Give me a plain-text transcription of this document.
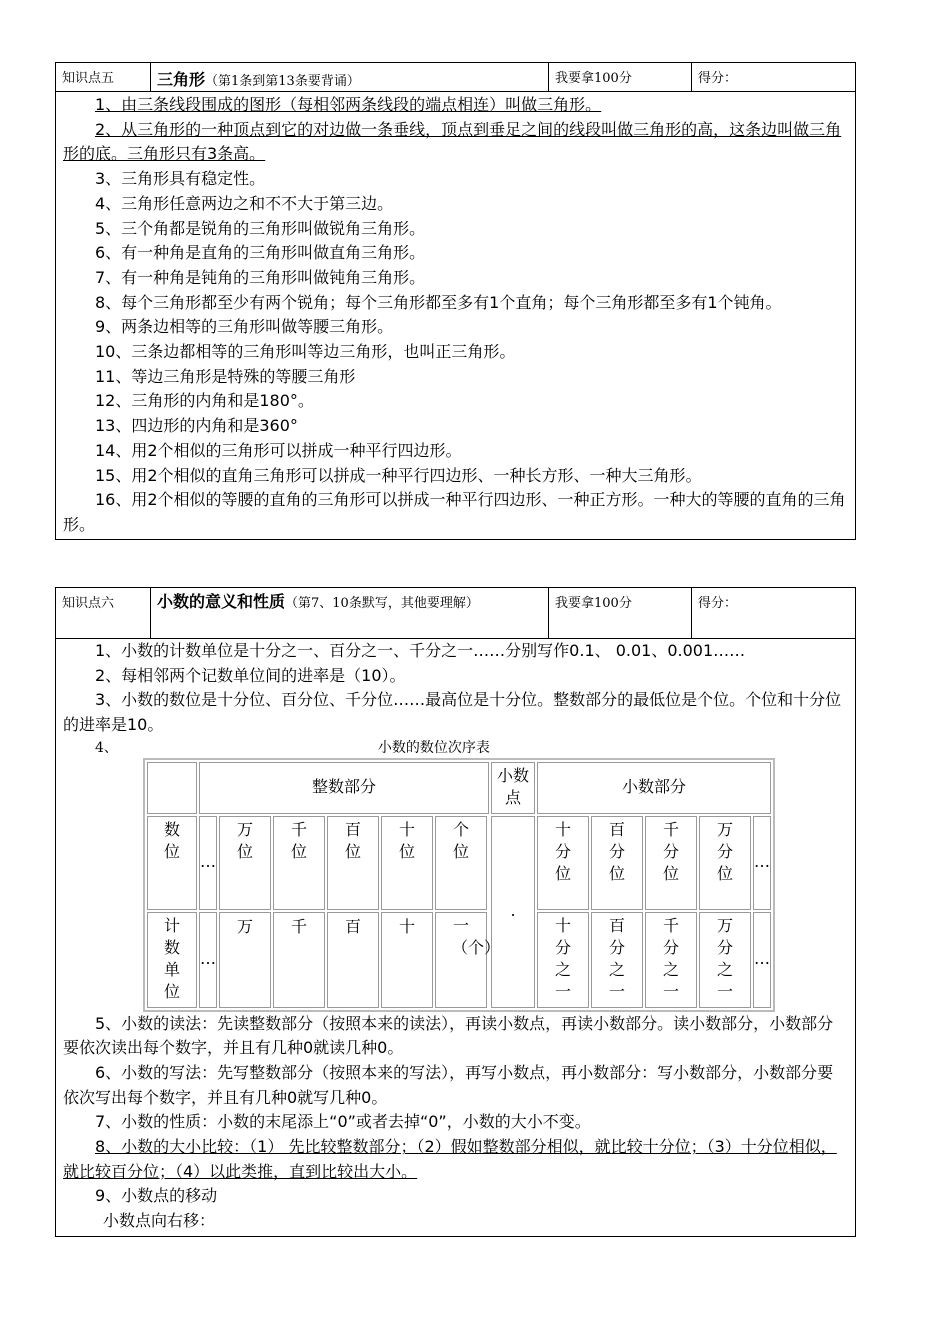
知识点五	三角形（第1条到第13条要背诵）	我要拿100分	得分：

1、由三条线段围成的图形（每相邻两条线段的端点相连）叫做三角形。

2、从三角形的一种顶点到它的对边做一条垂线，顶点到垂足之间的线段叫做三角形的高，这条边叫做三角形的底。三角形只有3条高。

3、三角形具有稳定性。

4、三角形任意两边之和不不大于第三边。

5、三个角都是锐角的三角形叫做锐角三角形。

6、有一种角是直角的三角形叫做直角三角形。

7、有一种角是钝角的三角形叫做钝角三角形。

8、每个三角形都至少有两个锐角；每个三角形都至多有1个直角；每个三角形都至多有1个钝角。

9、两条边相等的三角形叫做等腰三角形。

10、三条边都相等的三角形叫等边三角形，也叫正三角形。

11、等边三角形是特殊的等腰三角形

12、三角形的内角和是180°。

13、四边形的内角和是360°

14、用2个相似的三角形可以拼成一种平行四边形。

15、用2个相似的直角三角形可以拼成一种平行四边形、一种长方形、一种大三角形。

16、用2个相似的等腰的直角的三角形可以拼成一种平行四边形、一种正方形。一种大的等腰的直角的三角形。

知识点六	小数的意义和性质（第7、10条默写，其他要理解）	我要拿100分	得分：

1、小数的计数单位是十分之一、百分之一、千分之一……分别写作0.1、 0.01、0.001……

2、每相邻两个记数单位间的进率是（10）。

3、小数的数位是十分位、百分位、千分位……最高位是十分位。整数部分的最低位是个位。个位和十分位的进率是10。

4、	小数的数位次序表
	整数部分							小数点	小数部分				
数位	…	万位	千位	百位	十位	个位		.	十分位	百分位	千分位	万分位	…
计数单位	…	万	千	百	十	一（个）			十分之一	百分之一	千分之一	万分之一	…

5、小数的读法：先读整数部分（按照本来的读法），再读小数点，再读小数部分。读小数部分，小数部分要依次读出每个数字，并且有几种0就读几种0。

6、小数的写法：先写整数部分（按照本来的写法），再写小数点，再小数部分：写小数部分，小数部分要依次写出每个数字，并且有几种0就写几种0。

7、小数的性质：小数的末尾添上“0”或者去掉“0”，小数的大小不变。

8、小数的大小比较：（1） 先比较整数部分；（2）假如整数部分相似，就比较十分位；（3）十分位相似，就比较百分位；（4）以此类推，直到比较出大小。

9、小数点的移动

小数点向右移：
